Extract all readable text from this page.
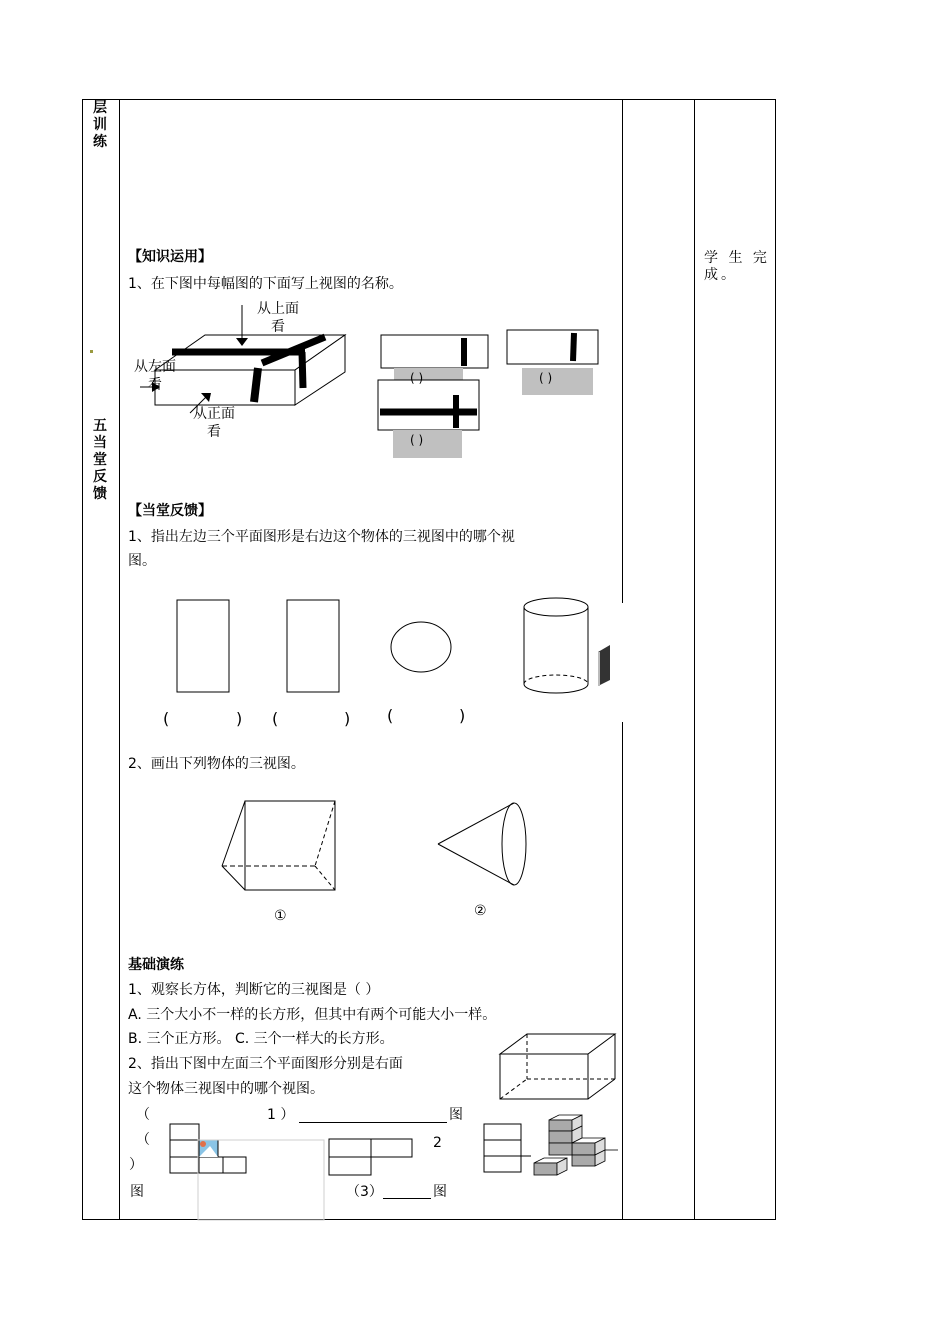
层
训
练
五
当
堂
反
馈
学 生 完成。
【知识运用】
1、在下图中每幅图的下面写上视图的名称。
从上面看
从左面看
从正面看
( )
( )
( )
【当堂反馈】
1、指出左边三个平面图形是右边这个物体的三视图中的哪个视
图。
(	) (	) (	)
2、画出下列物体的三视图。
①	②
基础演练
1、观察长方体，判断它的三视图是（ ）
A. 三个大小不一样的长方形，但其中有两个可能大小一样。
B. 三个正方形。 C. 三个一样大的长方形。
2、指出下图中左面三个平面图形分别是右面
这个物体三视图中的哪个视图。
（	1 ）	图
（
）
2
图	（3）	图
